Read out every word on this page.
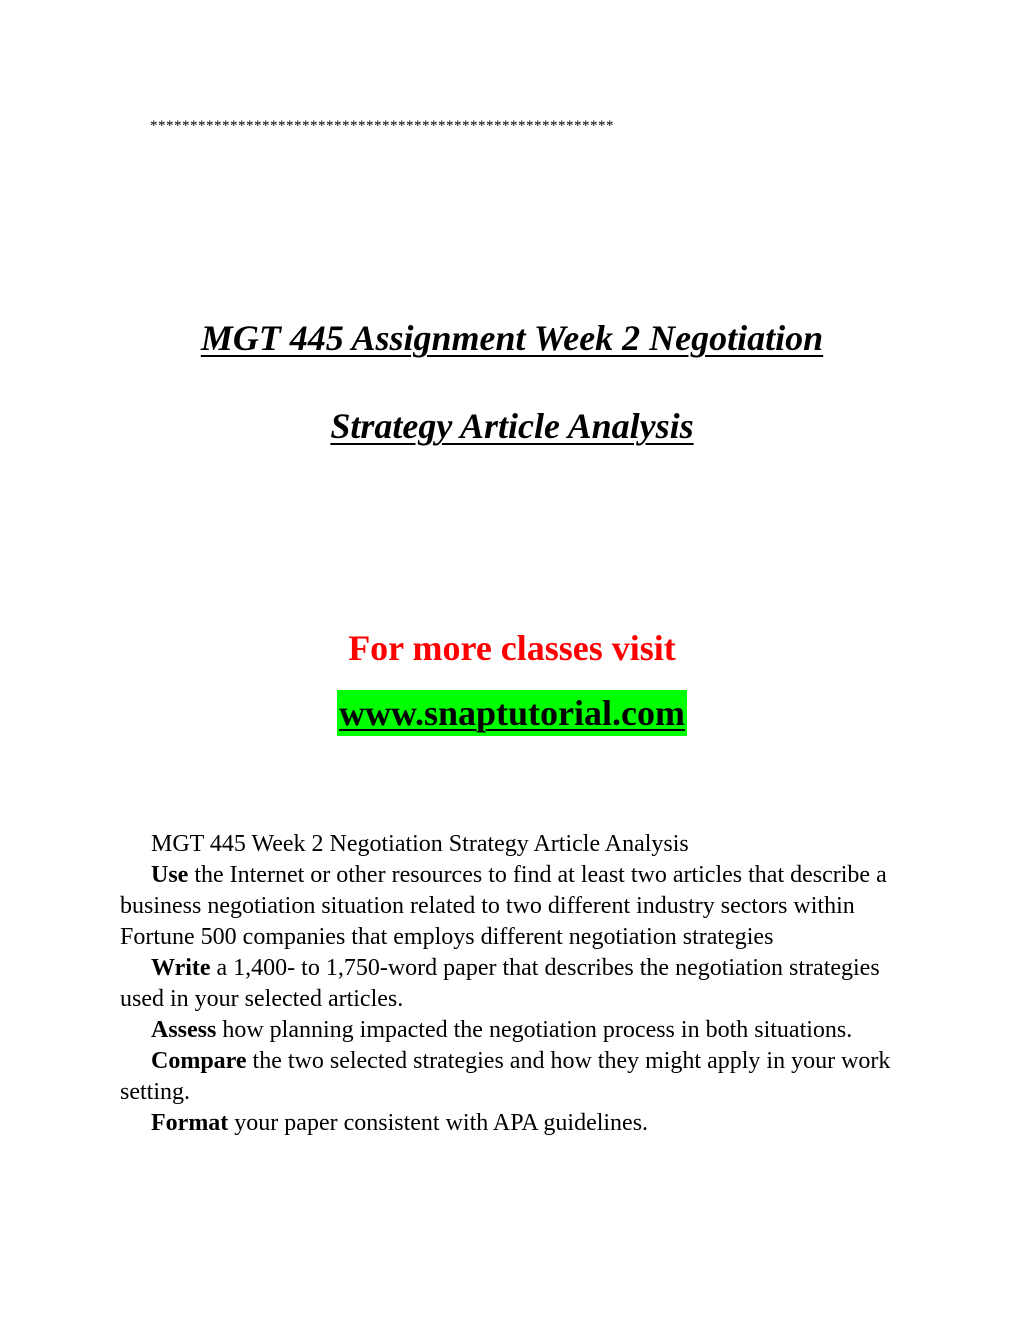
**********************************************************
MGT 445 Assignment Week 2 Negotiation
Strategy Article Analysis
For more classes visit
www.snaptutorial.com

MGT 445 Week 2 Negotiation Strategy Article Analysis

Use the Internet or other resources to find at least two articles that describe a business negotiation situation related to two different industry sectors within Fortune 500 companies that employs different negotiation strategies

Write a 1,400- to 1,750-word paper that describes the negotiation strategies used in your selected articles.

Assess how planning impacted the negotiation process in both situations.

Compare the two selected strategies and how they might apply in your work setting.

Format your paper consistent with APA guidelines.
